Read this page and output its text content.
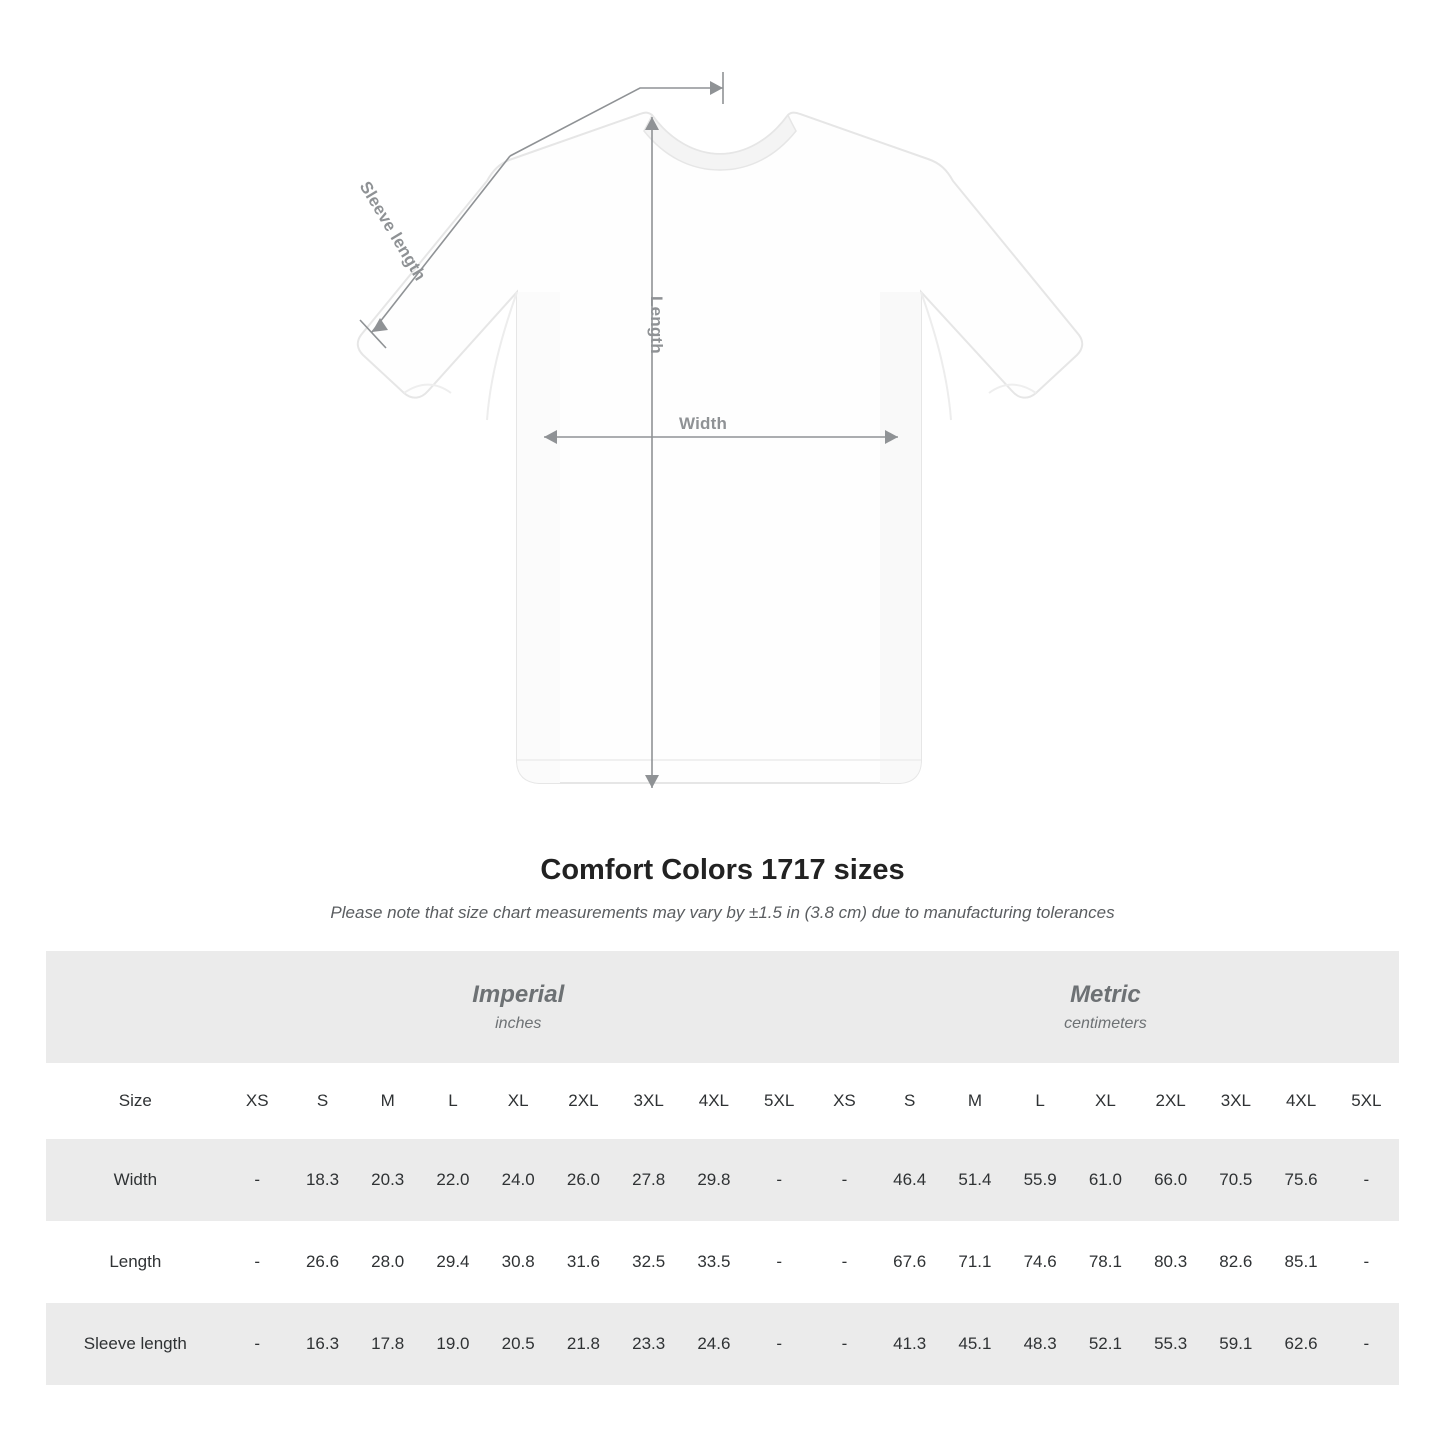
Width
Length
Sleeve length
Comfort Colors 1717 sizes

Please note that size chart measurements may vary by ±1.5 in (3.8 cm) due to manufacturing tolerances

Imperial
inches

Metric
centimeters

Size	XS	S	M	L	XL	2XL	3XL	4XL	5XL	XS	S	M	L	XL	2XL	3XL	4XL	5XL
Width	-	18.3	20.3	22.0	24.0	26.0	27.8	29.8	-	-	46.4	51.4	55.9	61.0	66.0	70.5	75.6	-
Length	-	26.6	28.0	29.4	30.8	31.6	32.5	33.5	-	-	67.6	71.1	74.6	78.1	80.3	82.6	85.1	-
Sleeve length	-	16.3	17.8	19.0	20.5	21.8	23.3	24.6	-	-	41.3	45.1	48.3	52.1	55.3	59.1	62.6	-
